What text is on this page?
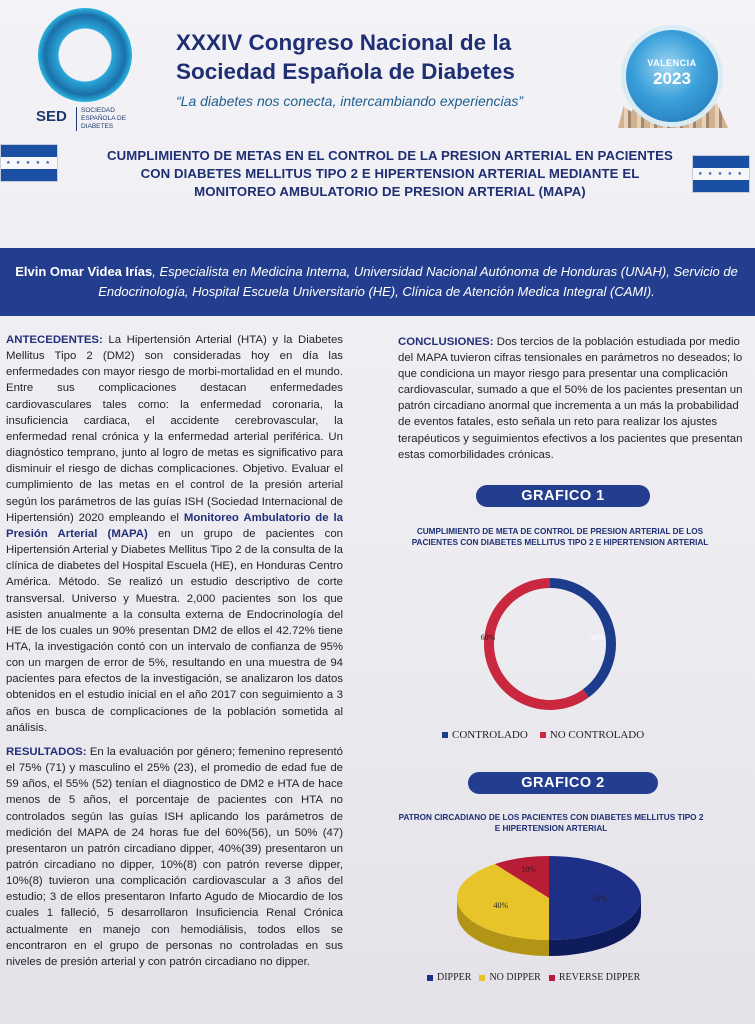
SED	SOCIEDAD ESPAÑOLA DE DIABETES
XXXIV Congreso Nacional de la Sociedad Española de Diabetes
“La diabetes nos conecta, intercambiando experiencias”
VALENCIA
2023
★ ★ ★ ★ ★
★ ★ ★ ★ ★
CUMPLIMIENTO DE METAS EN EL CONTROL DE LA PRESION ARTERIAL EN PACIENTES CON DIABETES MELLITUS TIPO 2 E HIPERTENSION ARTERIAL MEDIANTE EL MONITOREO AMBULATORIO DE PRESION ARTERIAL (MAPA)
Elvin Omar Videa Irías, Especialista en Medicina Interna, Universidad Nacional Autónoma de Honduras (UNAH), Servicio de Endocrinología, Hospital Escuela Universitario (HE), Clínica de Atención Medica Integral (CAMI).

ANTECEDENTES: La Hipertensión Arterial (HTA) y la Diabetes Mellitus Tipo 2 (DM2) son consideradas hoy en día las enfermedades con mayor riesgo de morbi-mortalidad en el mundo. Entre sus complicaciones destacan enfermedades cardiovasculares tales como: la enfermedad coronaria, la insuficiencia cardiaca, el accidente cerebrovascular, la enfermedad renal crónica y la enfermedad arterial periférica. Un diagnóstico temprano, junto al logro de metas es significativo para disminuir el riesgo de dichas complicaciones. Objetivo. Evaluar el cumplimiento de las metas en el control de la presión arterial según los parámetros de las guías ISH (Sociedad Internacional de Hipertensión) 2020 empleando el Monitoreo Ambulatorio de la Presión Arterial (MAPA) en un grupo de pacientes con Hipertensión Arterial y Diabetes Mellitus Tipo 2 de la consulta de la clínica de diabetes del Hospital Escuela (HE), en Honduras Centro América. Método. Se realizó un estudio descriptivo de corte transversal. Universo y Muestra. 2,000 pacientes son los que asisten anualmente a la consulta externa de Endocrinología del HE de los cuales un 90% presentan DM2 de ellos el 42.72% tiene HTA, la investigación contó con un intervalo de confianza de 95% con un margen de error de 5%, resultando en una muestra de 94 pacientes para efectos de la investigación, se analizaron los datos obtenidos en el estudio inicial en el año 2017 con seguimiento a 3 años en busca de complicaciones de la población sometida al análisis.

RESULTADOS: En la evaluación por género; femenino representó el 75% (71) y masculino el 25% (23), el promedio de edad fue de 59 años, el 55% (52) tenían el diagnostico de DM2 e HTA de hace menos de 5 años, el porcentaje de pacientes con HTA no controlados según las guías ISH aplicando los parámetros de medición del MAPA de 24 horas fue del 60%(56), un 50% (47) presentaron un patrón circadiano dipper, 40%(39) presentaron un patrón circadiano no dipper, 10%(8) con patrón reverse dipper, 10%(8) tuvieron una complicación cardiovascular a 3 años del estudio; 3 de ellos presentaron Infarto Agudo de Miocardio de los cuales 1 falleció, 5 desarrollaron Insuficiencia Renal Crónica actualmente en manejo con hemodiálisis, todos ellos se encontraron en el grupo de personas no controladas en sus niveles de presión arterial y con patrón circadiano no dipper.

CONCLUSIONES: Dos tercios de la población estudiada por medio del MAPA tuvieron cifras tensionales en parámetros no deseados; lo que condiciona un mayor riesgo para presentar una complicación cardiovascular, sumado a que el 50% de los pacientes presentan un patrón circadiano anormal que incrementa a un más la probabilidad de eventos fatales, esto señala un reto para realizar los ajustes terapéuticos y seguimientos efectivos a los pacientes que presentan estas comorbilidades crónicas.
GRAFICO 1
CUMPLIMIENTO DE META DE CONTROL DE PRESION ARTERIAL DE LOS PACIENTES CON DIABETES MELLITUS TIPO 2 E HIPERTENSION ARTERIAL
40%
60%
CONTROLADO NO CONTROLADO
GRAFICO 2
PATRON CIRCADIANO DE LOS PACIENTES CON DIABETES MELLITUS TIPO 2 E HIPERTENSION ARTERIAL
50%
40%
10%
DIPPER NO DIPPER REVERSE DIPPER
